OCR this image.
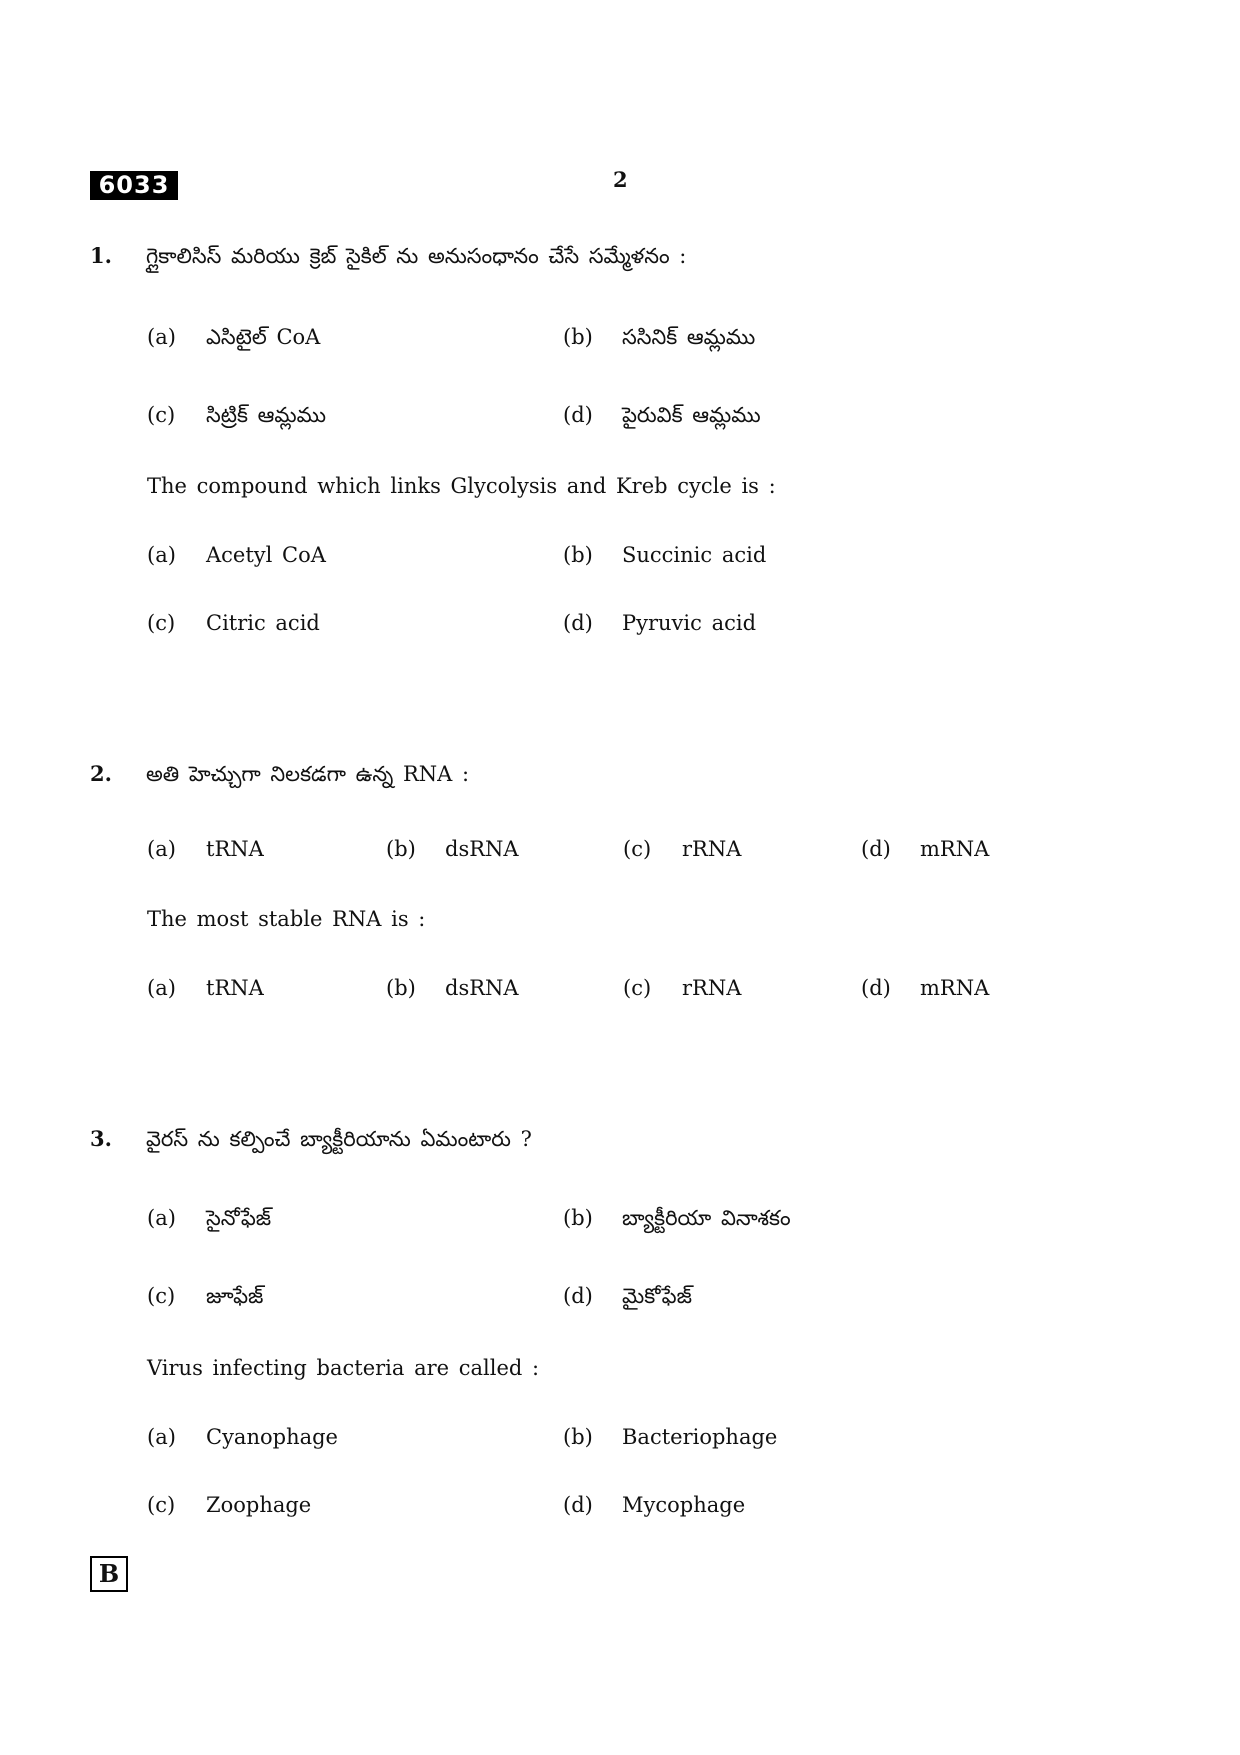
6033	2
1. గ్లైకాలిసిస్ మరియు క్రెబ్ సైకిల్ ను అనుసంధానం చేసే సమ్మేళనం :
(a) ఎసిటైల్ CoA	(b) ససినిక్ ఆమ్లము
(c) సిట్రిక్ ఆమ్లము	(d) పైరువిక్ ఆమ్లము
The compound which links Glycolysis and Kreb cycle is :
(a) Acetyl CoA	(b) Succinic acid
(c) Citric acid	(d) Pyruvic acid
2. అతి హెచ్చుగా నిలకడగా ఉన్న RNA :
(a) tRNA	(b) dsRNA	(c) rRNA	(d) mRNA
The most stable RNA is :
(a) tRNA	(b) dsRNA	(c) rRNA	(d) mRNA
3. వైరస్ ను కల్పించే బ్యాక్టీరియాను ఏమంటారు ?
(a) సైనోఫేజ్	(b) బ్యాక్టీరియా వినాశకం
(c) జూఫేజ్	(d) మైకోఫేజ్
Virus infecting bacteria are called :
(a) Cyanophage	(b) Bacteriophage
(c) Zoophage	(d) Mycophage
B
